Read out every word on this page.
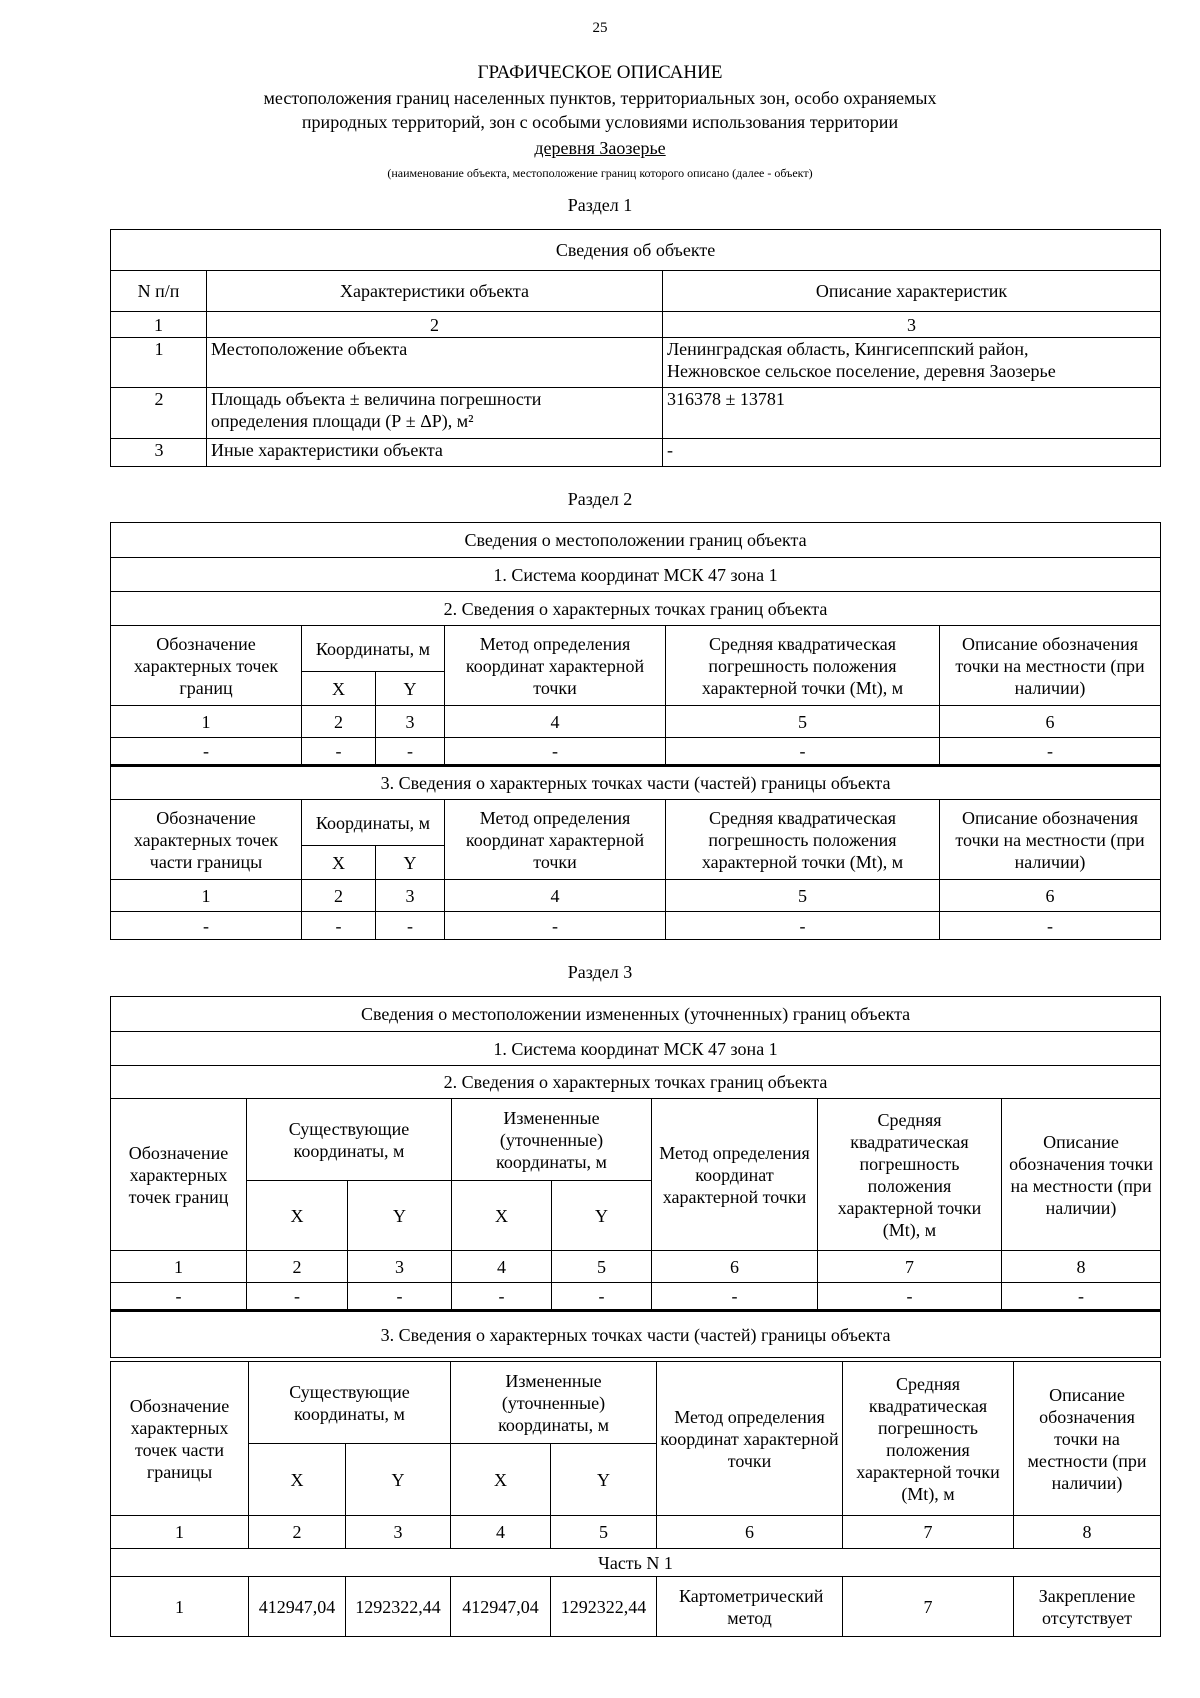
25
ГРАФИЧЕСКОЕ ОПИСАНИЕ
местоположения границ населенных пунктов, территориальных зон, особо охраняемых
природных территорий, зон с особыми условиями использования территории
деревня Заозерье
(наименование объекта, местоположение границ которого описано (далее - объект)
Раздел 1
Сведения об объекте		
N п/п	Характеристики объекта	Описание характеристик
1	2	3
1	Местоположение объекта	Ленинградская область, Кингисеппский район,
Нежновское сельское поселение, деревня Заозерье

2	Площадь объекта ± величина погрешности
определения площади (Р ± ΔР), м²	316378 ± 13781
3	Иные характеристики объекта	-
Раздел 2
Сведения о местоположении границ объекта					
1. Система координат МСК 47 зона 1					
2. Сведения о характерных точках границ объекта					
Обозначение характерных точек границ	Координаты, м		Метод определения координат характерной точки	Средняя квадратическая погрешность положения характерной точки (Mt), м	Описание обозначения точки на местности (при наличии)
	X	Y			
1	2	3	4	5	6
-	-	-	-	-	-
3. Сведения о характерных точках части (частей) границы объекта					
Обозначение характерных точек части границы	Координаты, м		Метод определения координат характерной точки	Средняя квадратическая погрешность положения характерной точки (Mt), м	Описание обозначения точки на местности (при наличии)
	X	Y			
1	2	3	4	5	6
-	-	-	-	-	-
Раздел 3
Сведения о местоположении измененных (уточненных) границ объекта							
1. Система координат МСК 47 зона 1							
2. Сведения о характерных точках границ объекта							
Обозначение характерных точек границ	Существующие координаты, м		Измененные (уточненные) координаты, м		Метод определения координат характерной точки	Средняя квадратическая погрешность положения характерной точки (Mt), м	Описание обозначения точки на местности (при наличии)
	X	Y	X	Y			
1	2	3	4	5	6	7	8
-	-	-	-	-	-	-	-
3. Сведения о характерных точках части (частей) границы объекта							
Обозначение характерных точек части границы	Существующие координаты, м		Измененные (уточненные) координаты, м		Метод определения координат характерной точки	Средняя квадратическая погрешность положения характерной точки (Mt), м	Описание обозначения точки на местности (при наличии)
	X	Y	X	Y			
1	2	3	4	5	6	7	8
Часть N 1							
1	412947,04	1292322,44	412947,04	1292322,44	Картометрический метод	7	Закрепление отсутствует
